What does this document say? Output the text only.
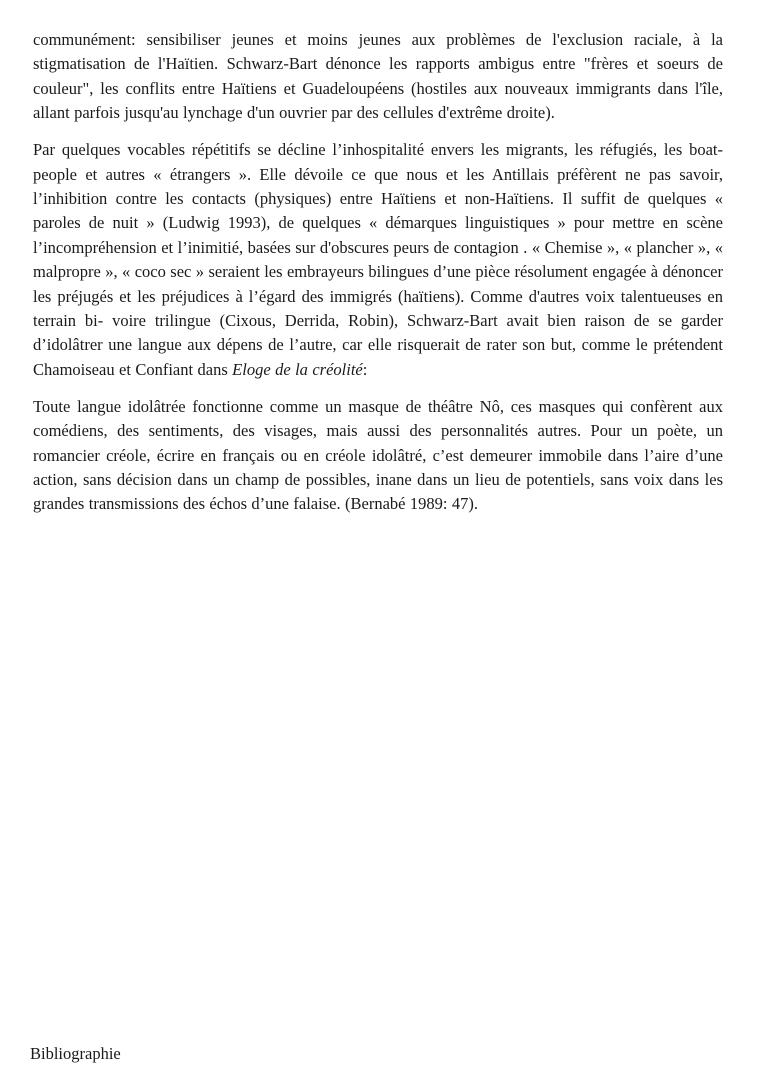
communément: sensibiliser jeunes et moins jeunes aux problèmes de l'exclusion raciale, à la stigmatisation de l'Haïtien. Schwarz-Bart dénonce les rapports ambigus entre "frères et soeurs de couleur", les conflits entre Haïtiens et Guadeloupéens (hostiles aux nouveaux immigrants dans l'île, allant parfois jusqu'au lynchage d'un ouvrier par des cellules d'extrême droite).

Par quelques vocables répétitifs se décline l’inhospitalité envers les migrants, les réfugiés, les boat-people et autres « étrangers ». Elle dévoile ce que nous et les Antillais préfèrent ne pas savoir, l’inhibition contre les contacts (physiques) entre Haïtiens et non-Haïtiens. Il suffit de quelques « paroles de nuit » (Ludwig 1993), de quelques « démarques linguistiques » pour mettre en scène l’incompréhension et l’inimitié, basées sur d'obscures peurs de contagion . « Chemise », « plancher », « malpropre », « coco sec » seraient les embrayeurs bilingues d’une pièce résolument engagée à dénoncer les préjugés et les préjudices à l’égard des immigrés (haïtiens). Comme d'autres voix talentueuses en terrain bi- voire trilingue (Cixous, Derrida, Robin), Schwarz-Bart avait bien raison de se garder d’idolâtrer une langue aux dépens de l’autre, car elle risquerait de rater son but, comme le prétendent Chamoiseau et Confiant dans Eloge de la créolité:

Toute langue idolâtrée fonctionne comme un masque de théâtre Nô, ces masques qui confèrent aux comédiens, des sentiments, des visages, mais aussi des personnalités autres. Pour un poète, un romancier créole, écrire en français ou en créole idolâtré, c’est demeurer immobile dans l’aire d’une action, sans décision dans un champ de possibles, inane dans un lieu de potentiels, sans voix dans les grandes transmissions des échos d’une falaise. (Bernabé 1989: 47).

Bibliographie
